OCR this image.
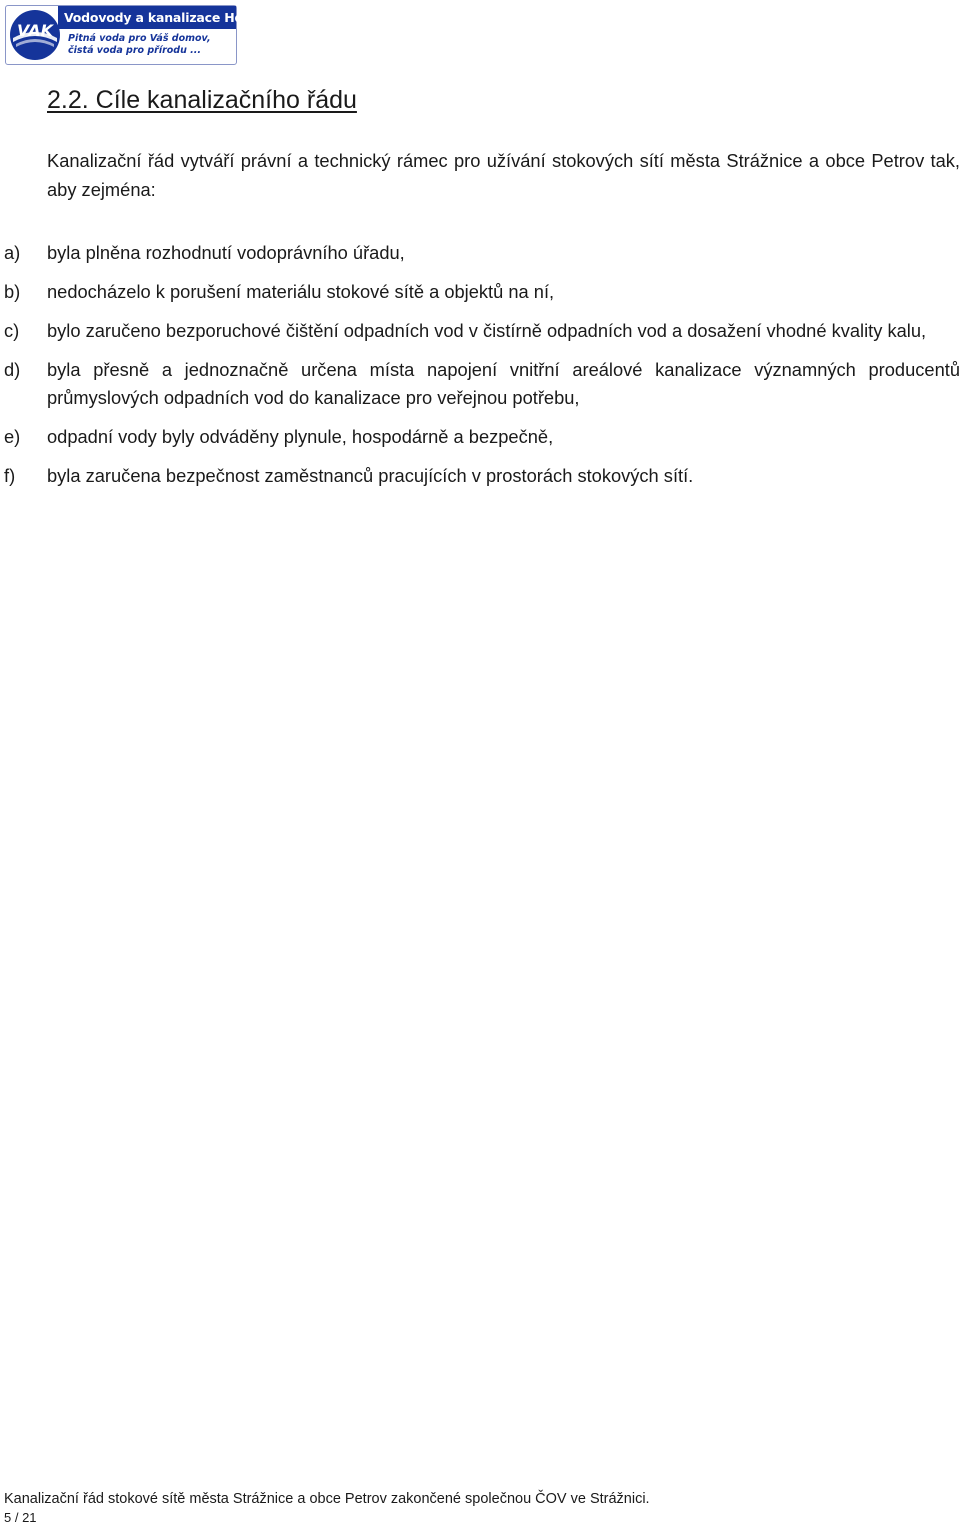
VAK
Vodovody a kanalizace Hodonín, a.s.
Pitná voda pro Váš domov,
čistá voda pro přírodu ...
2.2. Cíle kanalizačního řádu

Kanalizační řád vytváří právní a technický rámec pro užívání stokových sítí města Strážnice a obce Petrov tak, aby zejména:

a) byla plněna rozhodnutí vodoprávního úřadu,
b) nedocházelo k porušení materiálu stokové sítě a objektů na ní,
c) bylo zaručeno bezporuchové čištění odpadních vod v čistírně odpadních vod a dosažení vhodné kvality kalu,
d) byla přesně a jednoznačně určena místa napojení vnitřní areálové kanalizace významných producentů průmyslových odpadních vod do kanalizace pro veřejnou potřebu,
e) odpadní vody byly odváděny plynule, hospodárně a bezpečně,
f) byla zaručena bezpečnost zaměstnanců pracujících v prostorách stokových sítí.
Kanalizační řád stokové sítě města Strážnice a obce Petrov zakončené společnou ČOV ve Strážnici.
5 / 21
